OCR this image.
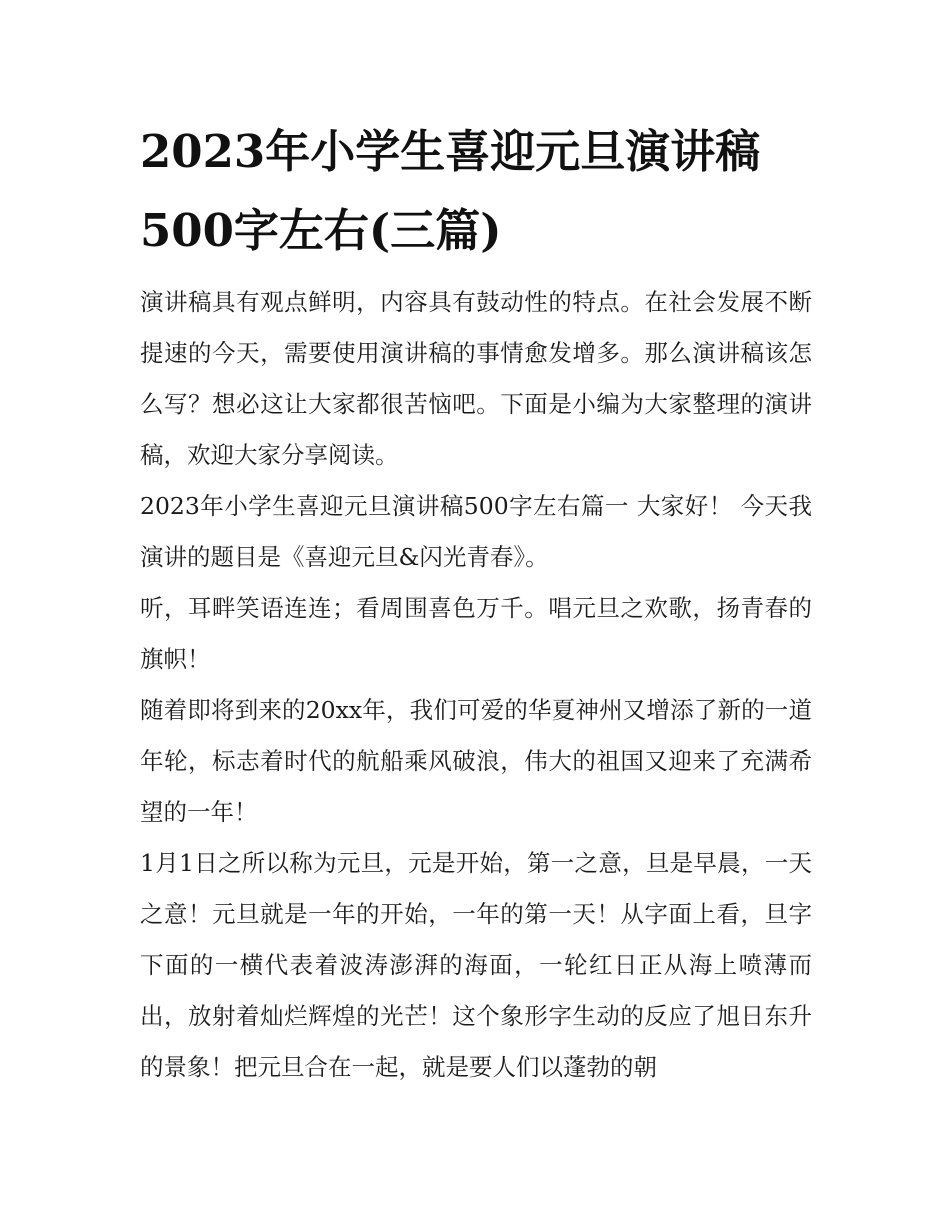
2023年小学生喜迎元旦演讲稿500字左右(三篇)

演讲稿具有观点鲜明，内容具有鼓动性的特点。在社会发展不断提速的今天，需要使用演讲稿的事情愈发增多。那么演讲稿该怎么写？想必这让大家都很苦恼吧。下面是小编为大家整理的演讲稿，欢迎大家分享阅读。

2023年小学生喜迎元旦演讲稿500字左右篇一 大家好！ 今天我演讲的题目是《喜迎元旦&闪光青春》。

听，耳畔笑语连连；看周围喜色万千。唱元旦之欢歌，扬青春的旗帜！

随着即将到来的20xx年，我们可爱的华夏神州又增添了新的一道年轮，标志着时代的航船乘风破浪，伟大的祖国又迎来了充满希望的一年！

1月1日之所以称为元旦，元是开始，第一之意，旦是早晨，一天之意！元旦就是一年的开始，一年的第一天！从字面上看，旦字下面的一横代表着波涛澎湃的海面，一轮红日正从海上喷薄而出，放射着灿烂辉煌的光芒！这个象形字生动的反应了旭日东升的景象！把元旦合在一起，就是要人们以蓬勃的朝
